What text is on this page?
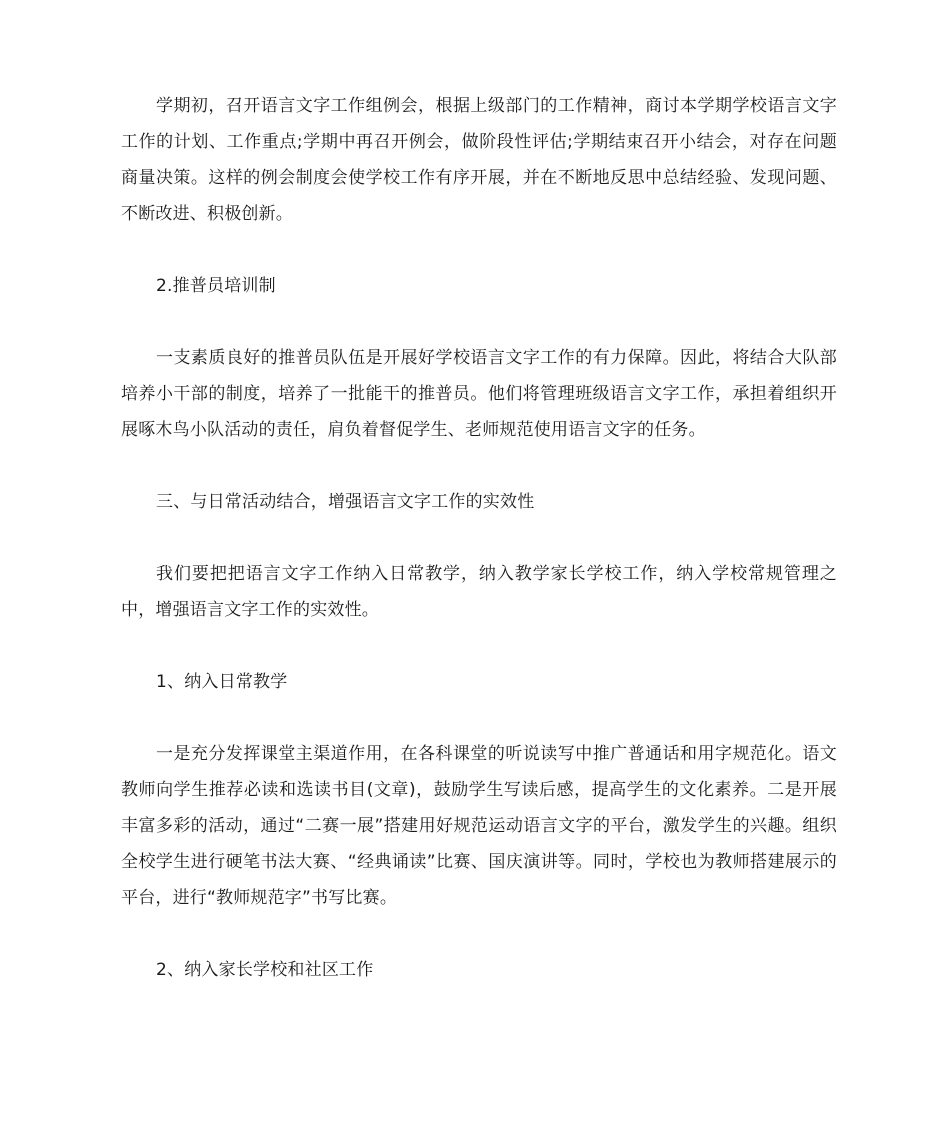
学期初，召开语言文字工作组例会，根据上级部门的工作精神，商讨本学期学校语言文字工作的计划、工作重点;学期中再召开例会，做阶段性评估;学期结束召开小结会，对存在问题商量决策。这样的例会制度会使学校工作有序开展，并在不断地反思中总结经验、发现问题、不断改进、积极创新。

2.推普员培训制

一支素质良好的推普员队伍是开展好学校语言文字工作的有力保障。因此，将结合大队部培养小干部的制度，培养了一批能干的推普员。他们将管理班级语言文字工作，承担着组织开展啄木鸟小队活动的责任，肩负着督促学生、老师规范使用语言文字的任务。

三、与日常活动结合，增强语言文字工作的实效性

我们要把把语言文字工作纳入日常教学，纳入教学家长学校工作，纳入学校常规管理之中，增强语言文字工作的实效性。

1、纳入日常教学

一是充分发挥课堂主渠道作用，在各科课堂的听说读写中推广普通话和用字规范化。语文教师向学生推荐必读和选读书目(文章)，鼓励学生写读后感，提高学生的文化素养。二是开展丰富多彩的活动，通过“二赛一展”搭建用好规范运动语言文字的平台，激发学生的兴趣。组织全校学生进行硬笔书法大赛、“经典诵读”比赛、国庆演讲等。同时，学校也为教师搭建展示的平台，进行“教师规范字”书写比赛。

2、纳入家长学校和社区工作
